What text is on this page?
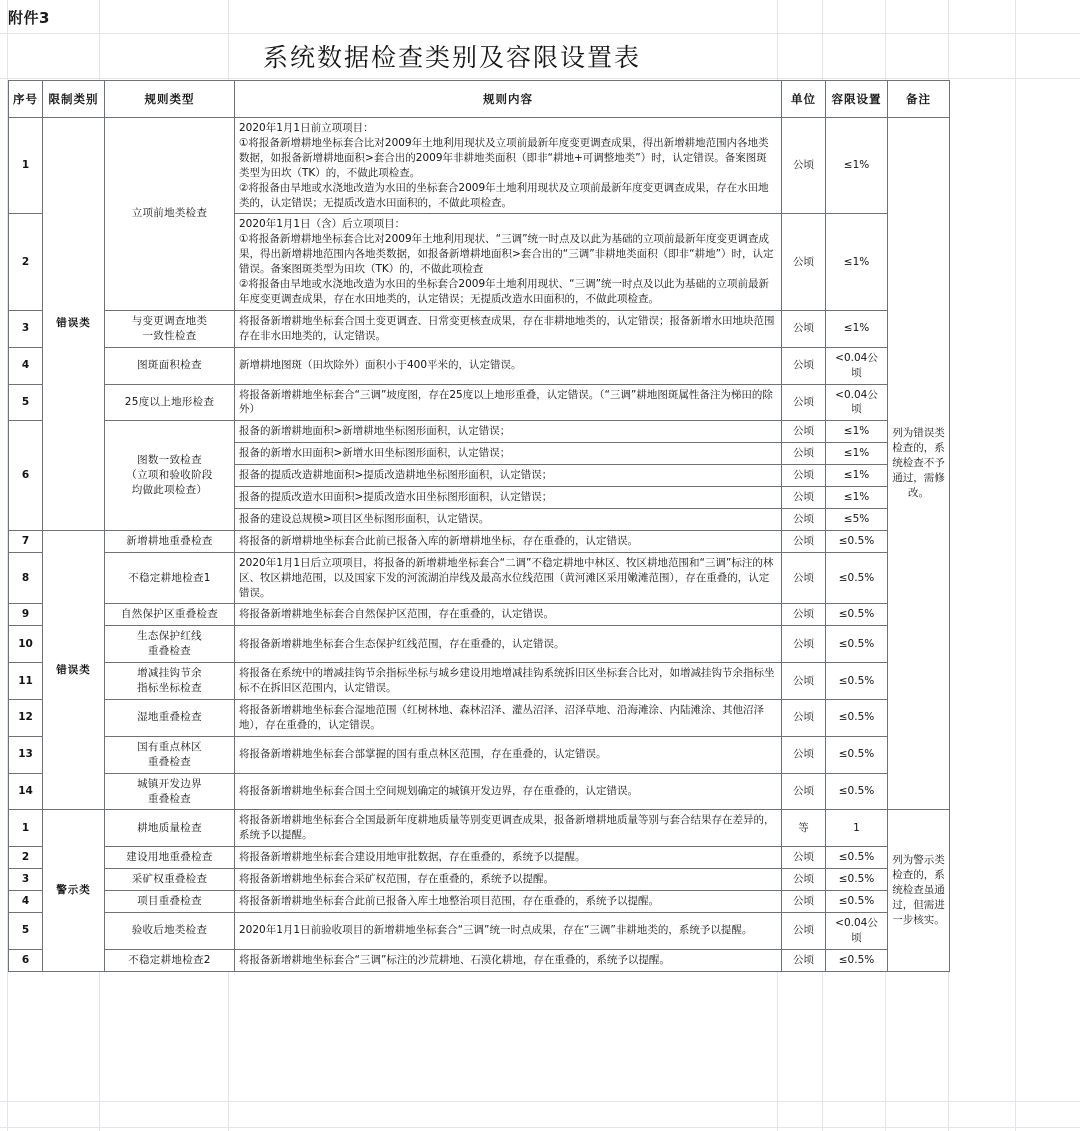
附件3
系统数据检查类别及容限设置表
序号	限制类别	规则类型	规则内容	单位	容限设置	备注
1	错误类	立项前地类检查	2020年1月1日前立项项目：
①将报备新增耕地坐标套合比对2009年土地利用现状及立项前最新年度变更调查成果，得出新增耕地范围内各地类数据，如报备新增耕地面积>套合出的2009年非耕地类面积（即非“耕地+可调整地类”）时，认定错误。备案图斑类型为田坎（TK）的，不做此项检查。
②将报备由旱地或水浇地改造为水田的坐标套合2009年土地利用现状及立项前最新年度变更调查成果，存在水田地类的，认定错误；无提质改造水田面积的，不做此项检查。	公顷	≤1%	列为错误类检查的，系统检查不予通过，需修改。
2			2020年1月1日（含）后立项项目：
①将报备新增耕地坐标套合比对2009年土地利用现状、“三调”统一时点及以此为基础的立项前最新年度变更调查成果，得出新增耕地范围内各地类数据，如报备新增耕地面积>套合出的“三调”非耕地类面积（即非“耕地”）时，认定错误。备案图斑类型为田坎（TK）的，不做此项检查
②将报备由旱地或水浇地改造为水田的坐标套合2009年土地利用现状、“三调”统一时点及以此为基础的立项前最新年度变更调查成果，存在水田地类的，认定错误；无提质改造水田面积的，不做此项检查。	公顷	≤1%	
3		与变更调查地类
一致性检查	将报备新增耕地坐标套合国土变更调查、日常变更核查成果，存在非耕地地类的，认定错误；报备新增水田地块范围存在非水田地类的，认定错误。	公顷	≤1%	
4		图斑面积检查	新增耕地图斑（田坎除外）面积小于400平米的，认定错误。	公顷	<0.04公顷	
5		25度以上地形检查	将报备新增耕地坐标套合“三调”坡度图，存在25度以上地形重叠，认定错误。（“三调”耕地图斑属性备注为梯田的除外）	公顷	<0.04公顷	
6		图数一致检查
（立项和验收阶段
均做此项检查）	报备的新增耕地面积>新增耕地坐标图形面积，认定错误；	公顷	≤1%	
			报备的新增水田面积>新增水田坐标图形面积，认定错误；	公顷	≤1%	
			报备的提质改造耕地面积>提质改造耕地坐标图形面积，认定错误；	公顷	≤1%	
			报备的提质改造水田面积>提质改造水田坐标图形面积，认定错误；	公顷	≤1%	
			报备的建设总规模>项目区坐标图形面积，认定错误。	公顷	≤5%	
7	错误类	新增耕地重叠检查	将报备的新增耕地坐标套合此前已报备入库的新增耕地坐标，存在重叠的，认定错误。	公顷	≤0.5%	
8		不稳定耕地检查1	2020年1月1日后立项项目，将报备的新增耕地坐标套合“二调”不稳定耕地中林区、牧区耕地范围和“三调”标注的林区、牧区耕地范围，以及国家下发的河流湖泊岸线及最高水位线范围（黄河滩区采用嫩滩范围），存在重叠的，认定错误。	公顷	≤0.5%	
9		自然保护区重叠检查	将报备新增耕地坐标套合自然保护区范围，存在重叠的，认定错误。	公顷	≤0.5%	
10		生态保护红线
重叠检查	将报备新增耕地坐标套合生态保护红线范围，存在重叠的，认定错误。	公顷	≤0.5%	
11		增减挂钩节余
指标坐标检查	将报备在系统中的增减挂钩节余指标坐标与城乡建设用地增减挂钩系统拆旧区坐标套合比对，如增减挂钩节余指标坐标不在拆旧区范围内，认定错误。	公顷	≤0.5%	
12		湿地重叠检查	将报备新增耕地坐标套合湿地范围（红树林地、森林沼泽、灌丛沼泽、沼泽草地、沿海滩涂、内陆滩涂、其他沼泽地），存在重叠的，认定错误。	公顷	≤0.5%	
13		国有重点林区
重叠检查	将报备新增耕地坐标套合部掌握的国有重点林区范围，存在重叠的，认定错误。	公顷	≤0.5%	
14		城镇开发边界
重叠检查	将报备新增耕地坐标套合国土空间规划确定的城镇开发边界，存在重叠的，认定错误。	公顷	≤0.5%	
1	警示类	耕地质量检查	将报备新增耕地坐标套合全国最新年度耕地质量等别变更调查成果，报备新增耕地质量等别与套合结果存在差异的，系统予以提醒。	等	1	列为警示类检查的，系统检查虽通过，但需进一步核实。
2		建设用地重叠检查	将报备新增耕地坐标套合建设用地审批数据，存在重叠的，系统予以提醒。	公顷	≤0.5%	
3		采矿权重叠检查	将报备新增耕地坐标套合采矿权范围，存在重叠的，系统予以提醒。	公顷	≤0.5%	
4		项目重叠检查	将报备新增耕地坐标套合此前已报备入库土地整治项目范围，存在重叠的，系统予以提醒。	公顷	≤0.5%	
5		验收后地类检查	2020年1月1日前验收项目的新增耕地坐标套合“三调”统一时点成果，存在“三调”非耕地类的，系统予以提醒。	公顷	<0.04公顷	
6		不稳定耕地检查2	将报备新增耕地坐标套合“三调”标注的沙荒耕地、石漠化耕地，存在重叠的，系统予以提醒。	公顷	≤0.5%	
